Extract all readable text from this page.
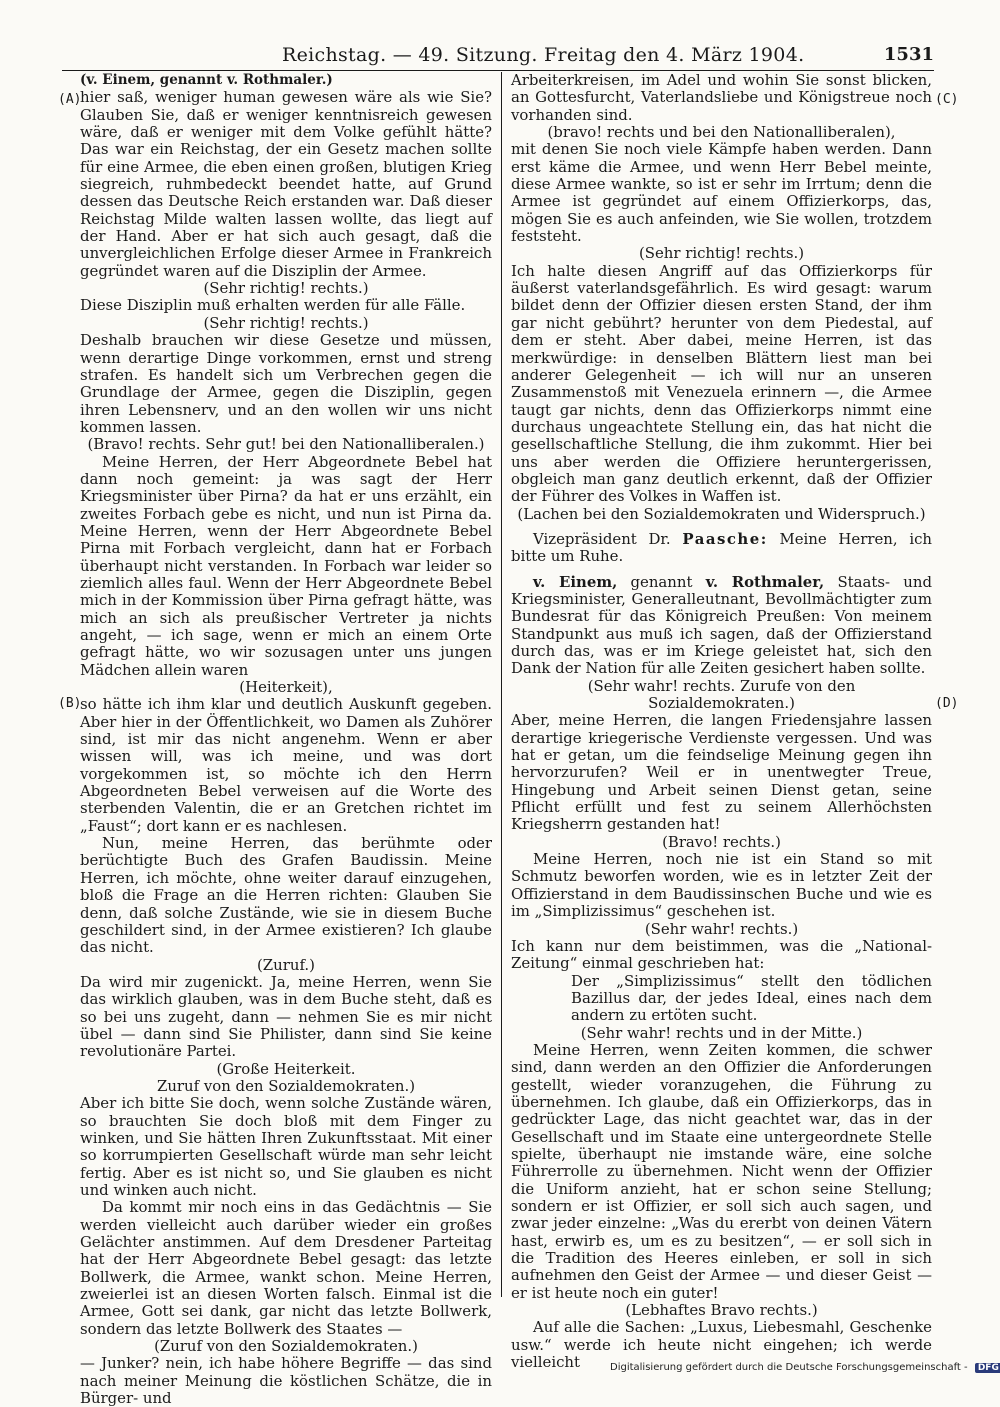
Reichstag. — 49. Sitzung. Freitag den 4. März 1904.	1531
(A)
(B)
(C)
(D)

(v. Einem, genannt v. Rothmaler.)

hier saß, weniger human gewesen wäre als wie Sie? Glauben Sie, daß er weniger kenntnisreich gewesen wäre, daß er weniger mit dem Volke gefühlt hätte? Das war ein Reichstag, der ein Gesetz machen sollte für eine Armee, die eben einen großen, blutigen Krieg siegreich, ruhmbedeckt beendet hatte, auf Grund dessen das Deutsche Reich erstanden war. Daß dieser Reichstag Milde walten lassen wollte, das liegt auf der Hand. Aber er hat sich auch gesagt, daß die unvergleichlichen Erfolge dieser Armee in Frankreich gegründet waren auf die Disziplin der Armee.

(Sehr richtig! rechts.)

Diese Disziplin muß erhalten werden für alle Fälle.

(Sehr richtig! rechts.)

Deshalb brauchen wir diese Gesetze und müssen, wenn derartige Dinge vorkommen, ernst und streng strafen. Es handelt sich um Verbrechen gegen die Grundlage der Armee, gegen die Disziplin, gegen ihren Lebensnerv, und an den wollen wir uns nicht kommen lassen.

(Bravo! rechts. Sehr gut! bei den Nationalliberalen.)

Meine Herren, der Herr Abgeordnete Bebel hat dann noch gemeint: ja was sagt der Herr Kriegsminister über Pirna? da hat er uns erzählt, ein zweites Forbach gebe es nicht, und nun ist Pirna da. Meine Herren, wenn der Herr Abgeordnete Bebel Pirna mit Forbach vergleicht, dann hat er Forbach überhaupt nicht verstanden. In Forbach war leider so ziemlich alles faul. Wenn der Herr Abgeordnete Bebel mich in der Kommission über Pirna gefragt hätte, was mich an sich als preußischer Vertreter ja nichts angeht, — ich sage, wenn er mich an einem Orte gefragt hätte, wo wir sozusagen unter uns jungen Mädchen allein waren

(Heiterkeit),

so hätte ich ihm klar und deutlich Auskunft gegeben. Aber hier in der Öffentlichkeit, wo Damen als Zuhörer sind, ist mir das nicht angenehm. Wenn er aber wissen will, was ich meine, und was dort vorgekommen ist, so möchte ich den Herrn Abgeordneten Bebel verweisen auf die Worte des sterbenden Valentin, die er an Gretchen richtet im „Faust“; dort kann er es nachlesen.

Nun, meine Herren, das berühmte oder berüchtigte Buch des Grafen Baudissin. Meine Herren, ich möchte, ohne weiter darauf einzugehen, bloß die Frage an die Herren richten: Glauben Sie denn, daß solche Zustände, wie sie in diesem Buche geschildert sind, in der Armee existieren? Ich glaube das nicht.

(Zuruf.)

Da wird mir zugenickt. Ja, meine Herren, wenn Sie das wirklich glauben, was in dem Buche steht, daß es so bei uns zugeht, dann — nehmen Sie es mir nicht übel — dann sind Sie Philister, dann sind Sie keine revolutionäre Partei.

(Große Heiterkeit.

Zuruf von den Sozialdemokraten.)

Aber ich bitte Sie doch, wenn solche Zustände wären, so brauchten Sie doch bloß mit dem Finger zu winken, und Sie hätten Ihren Zukunftsstaat. Mit einer so korrumpierten Gesellschaft würde man sehr leicht fertig. Aber es ist nicht so, und Sie glauben es nicht und winken auch nicht.

Da kommt mir noch eins in das Gedächtnis — Sie werden vielleicht auch darüber wieder ein großes Gelächter anstimmen. Auf dem Dresdener Parteitag hat der Herr Abgeordnete Bebel gesagt: das letzte Bollwerk, die Armee, wankt schon. Meine Herren, zweierlei ist an diesen Worten falsch. Einmal ist die Armee, Gott sei dank, gar nicht das letzte Bollwerk, sondern das letzte Bollwerk des Staates —

(Zuruf von den Sozialdemokraten.)

— Junker? nein, ich habe höhere Begriffe — das sind nach meiner Meinung die köstlichen Schätze, die in Bürger- und

Arbeiterkreisen, im Adel und wohin Sie sonst blicken, an Gottesfurcht, Vaterlandsliebe und Königstreue noch vorhanden sind.

(bravo! rechts und bei den Nationalliberalen),

mit denen Sie noch viele Kämpfe haben werden. Dann erst käme die Armee, und wenn Herr Bebel meinte, diese Armee wankte, so ist er sehr im Irrtum; denn die Armee ist gegründet auf einem Offizierkorps, das, mögen Sie es auch anfeinden, wie Sie wollen, trotzdem feststeht.

(Sehr richtig! rechts.)

Ich halte diesen Angriff auf das Offizierkorps für äußerst vaterlandsgefährlich. Es wird gesagt: warum bildet denn der Offizier diesen ersten Stand, der ihm gar nicht gebührt? herunter von dem Piedestal, auf dem er steht. Aber dabei, meine Herren, ist das merkwürdige: in denselben Blättern liest man bei anderer Gelegenheit — ich will nur an unseren Zusammenstoß mit Venezuela erinnern —, die Armee taugt gar nichts, denn das Offizierkorps nimmt eine durchaus ungeachtete Stellung ein, das hat nicht die gesellschaftliche Stellung, die ihm zukommt. Hier bei uns aber werden die Offiziere heruntergerissen, obgleich man ganz deutlich erkennt, daß der Offizier der Führer des Volkes in Waffen ist.

(Lachen bei den Sozialdemokraten und Widerspruch.)

Vizepräsident Dr. Paasche: Meine Herren, ich bitte um Ruhe.

v. Einem, genannt v. Rothmaler, Staats- und Kriegsminister, Generalleutnant, Bevollmächtigter zum Bundesrat für das Königreich Preußen: Von meinem Standpunkt aus muß ich sagen, daß der Offizierstand durch das, was er im Kriege geleistet hat, sich den Dank der Nation für alle Zeiten gesichert haben sollte.

(Sehr wahr! rechts. Zurufe von den

Sozialdemokraten.)

Aber, meine Herren, die langen Friedensjahre lassen derartige kriegerische Verdienste vergessen. Und was hat er getan, um die feindselige Meinung gegen ihn hervorzurufen? Weil er in unentwegter Treue, Hingebung und Arbeit seinen Dienst getan, seine Pflicht erfüllt und fest zu seinem Allerhöchsten Kriegsherrn gestanden hat!

(Bravo! rechts.)

Meine Herren, noch nie ist ein Stand so mit Schmutz beworfen worden, wie es in letzter Zeit der Offizierstand in dem Baudissinschen Buche und wie es im „Simplizissimus“ geschehen ist.

(Sehr wahr! rechts.)

Ich kann nur dem beistimmen, was die „National-Zeitung“ einmal geschrieben hat:

Der „Simplizissimus“ stellt den tödlichen Bazillus dar, der jedes Ideal, eines nach dem andern zu ertöten sucht.

(Sehr wahr! rechts und in der Mitte.)

Meine Herren, wenn Zeiten kommen, die schwer sind, dann werden an den Offizier die Anforderungen gestellt, wieder voranzugehen, die Führung zu übernehmen. Ich glaube, daß ein Offizierkorps, das in gedrückter Lage, das nicht geachtet war, das in der Gesellschaft und im Staate eine untergeordnete Stelle spielte, überhaupt nie imstande wäre, eine solche Führerrolle zu übernehmen. Nicht wenn der Offizier die Uniform anzieht, hat er schon seine Stellung; sondern er ist Offizier, er soll sich auch sagen, und zwar jeder einzelne: „Was du ererbt von deinen Vätern hast, erwirb es, um es zu besitzen“, — er soll sich in die Tradition des Heeres einleben, er soll in sich aufnehmen den Geist der Armee — und dieser Geist — er ist heute noch ein guter!

(Lebhaftes Bravo rechts.)

Auf alle die Sachen: „Luxus, Liebesmahl, Geschenke usw.“ werde ich heute nicht eingehen; ich werde vielleicht	Digitalisierung gefördert durch die Deutsche Forschungsgemeinschaft - DFG
